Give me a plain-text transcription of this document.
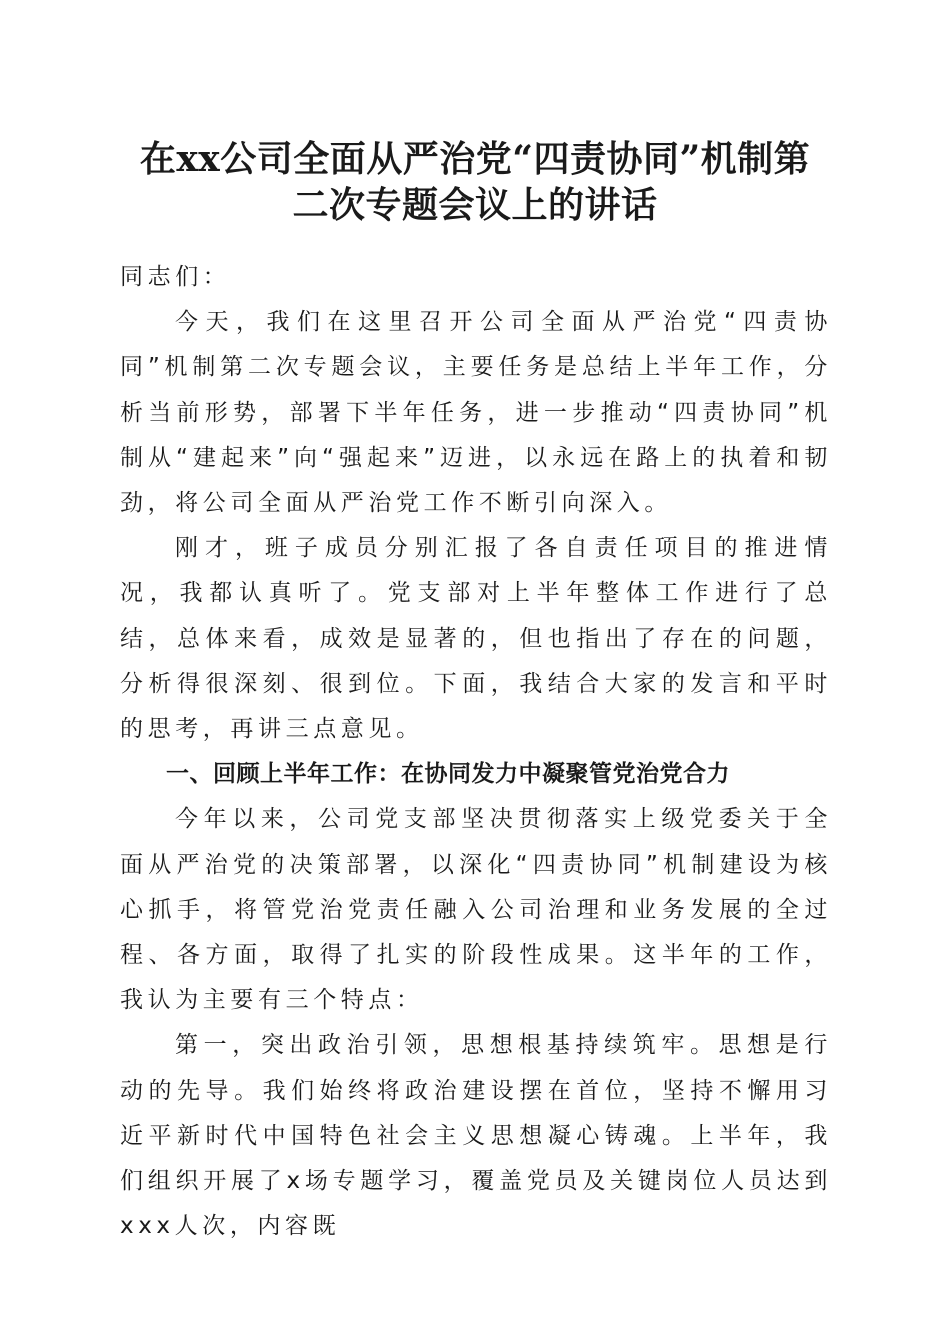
在xx公司全面从严治党“四责协同”机制第
二次专题会议上的讲话

同志们：

今天，我们在这里召开公司全面从严治党“四责协同”机制第二次专题会议，主要任务是总结上半年工作，分析当前形势，部署下半年任务，进一步推动“四责协同”机制从“建起来”向“强起来”迈进，以永远在路上的执着和韧劲，将公司全面从严治党工作不断引向深入。

刚才，班子成员分别汇报了各自责任项目的推进情况，我都认真听了。党支部对上半年整体工作进行了总结，总体来看，成效是显著的，但也指出了存在的问题，分析得很深刻、很到位。下面，我结合大家的发言和平时的思考，再讲三点意见。

一、回顾上半年工作：在协同发力中凝聚管党治党合力

今年以来，公司党支部坚决贯彻落实上级党委关于全面从严治党的决策部署，以深化“四责协同”机制建设为核心抓手，将管党治党责任融入公司治理和业务发展的全过程、各方面，取得了扎实的阶段性成果。这半年的工作，我认为主要有三个特点：

第一，突出政治引领，思想根基持续筑牢。思想是行动的先导。我们始终将政治建设摆在首位，坚持不懈用习近平新时代中国特色社会主义思想凝心铸魂。上半年，我们组织开展了x场专题学习，覆盖党员及关键岗位人员达到xxx人次，内容既
